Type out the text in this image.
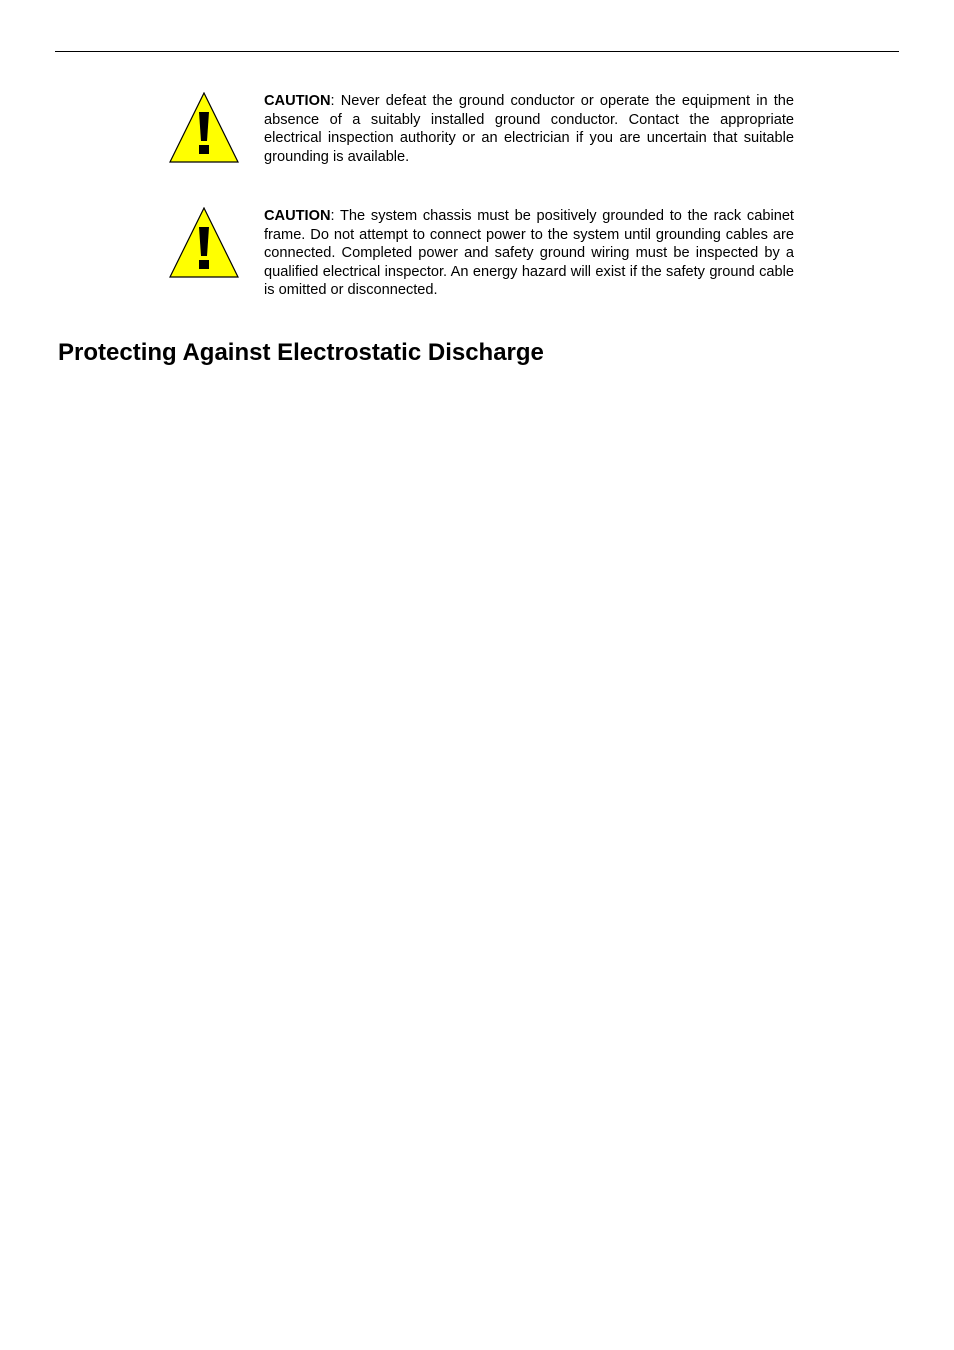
CAUTION: Never defeat the ground conductor or operate the equipment in the absence of a suitably installed ground conductor. Contact the appropriate electrical inspection authority or an electrician if you are uncertain that suitable grounding is available.

CAUTION: The system chassis must be positively grounded to the rack cabinet frame. Do not attempt to connect power to the system until grounding cables are connected. Completed power and safety ground wiring must be inspected by a qualified electrical inspector. An energy hazard will exist if the safety ground cable is omitted or disconnected.

Protecting Against Electrostatic Discharge
